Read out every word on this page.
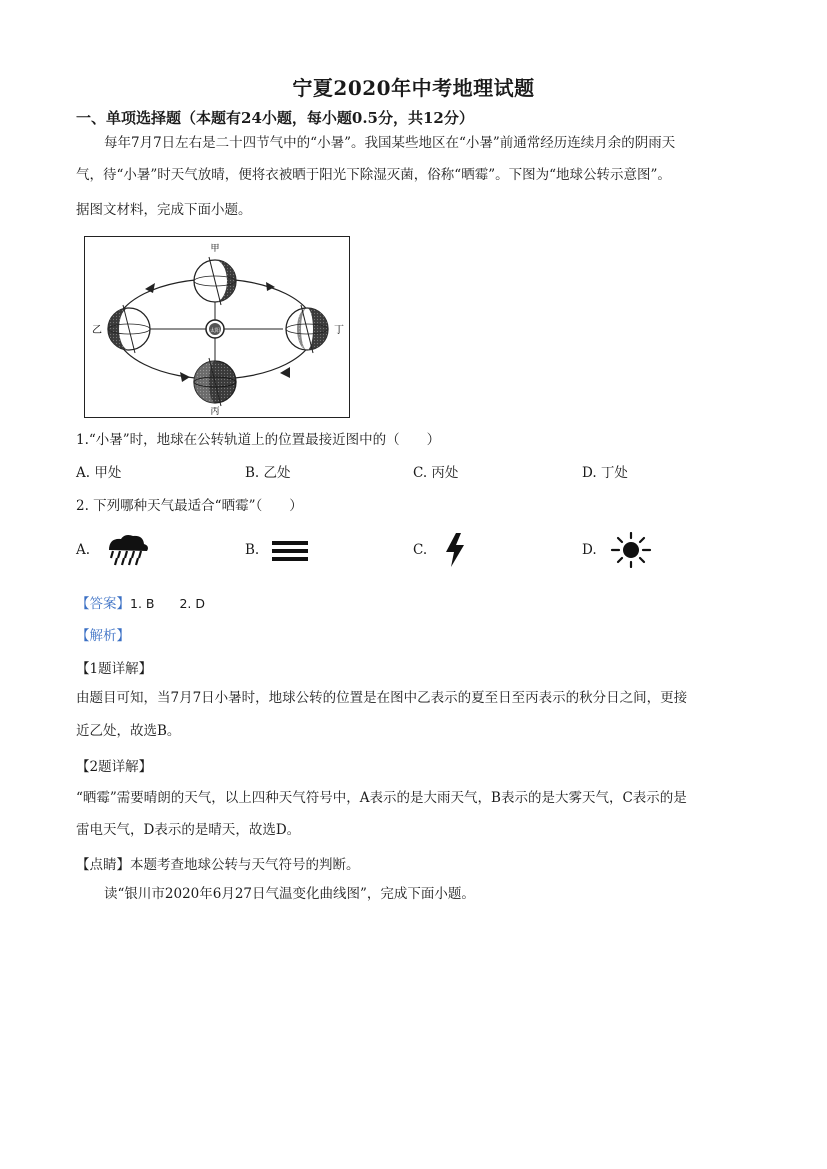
宁夏2020年中考地理试题
一、单项选择题（本题有24小题，每小题0.5分，共12分）
每年7月7日左右是二十四节气中的“小暑”。我国某些地区在“小暑”前通常经历连续月余的阴雨天
气，待“小暑”时天气放晴，便将衣被晒于阳光下除湿灭菌，俗称“晒霉”。下图为“地球公转示意图”。
据图文材料，完成下面小题。
甲
乙	丁
丙
太阳
1.“小暑”时，地球在公转轨道上的位置最接近图中的（　　）
A. 甲处	B. 乙处	C. 丙处	D. 丁处
2. 下列哪种天气最适合“晒霉”（　　）
A.	B.	C.	D.
【答案】1. B　　2. D
【解析】
【1题详解】
由题目可知，当7月7日小暑时，地球公转的位置是在图中乙表示的夏至日至丙表示的秋分日之间，更接
近乙处，故选B。
【2题详解】
“晒霉”需要晴朗的天气，以上四种天气符号中，A表示的是大雨天气，B表示的是大雾天气，C表示的是
雷电天气，D表示的是晴天，故选D。
【点睛】本题考查地球公转与天气符号的判断。
读“银川市2020年6月27日气温变化曲线图”，完成下面小题。
